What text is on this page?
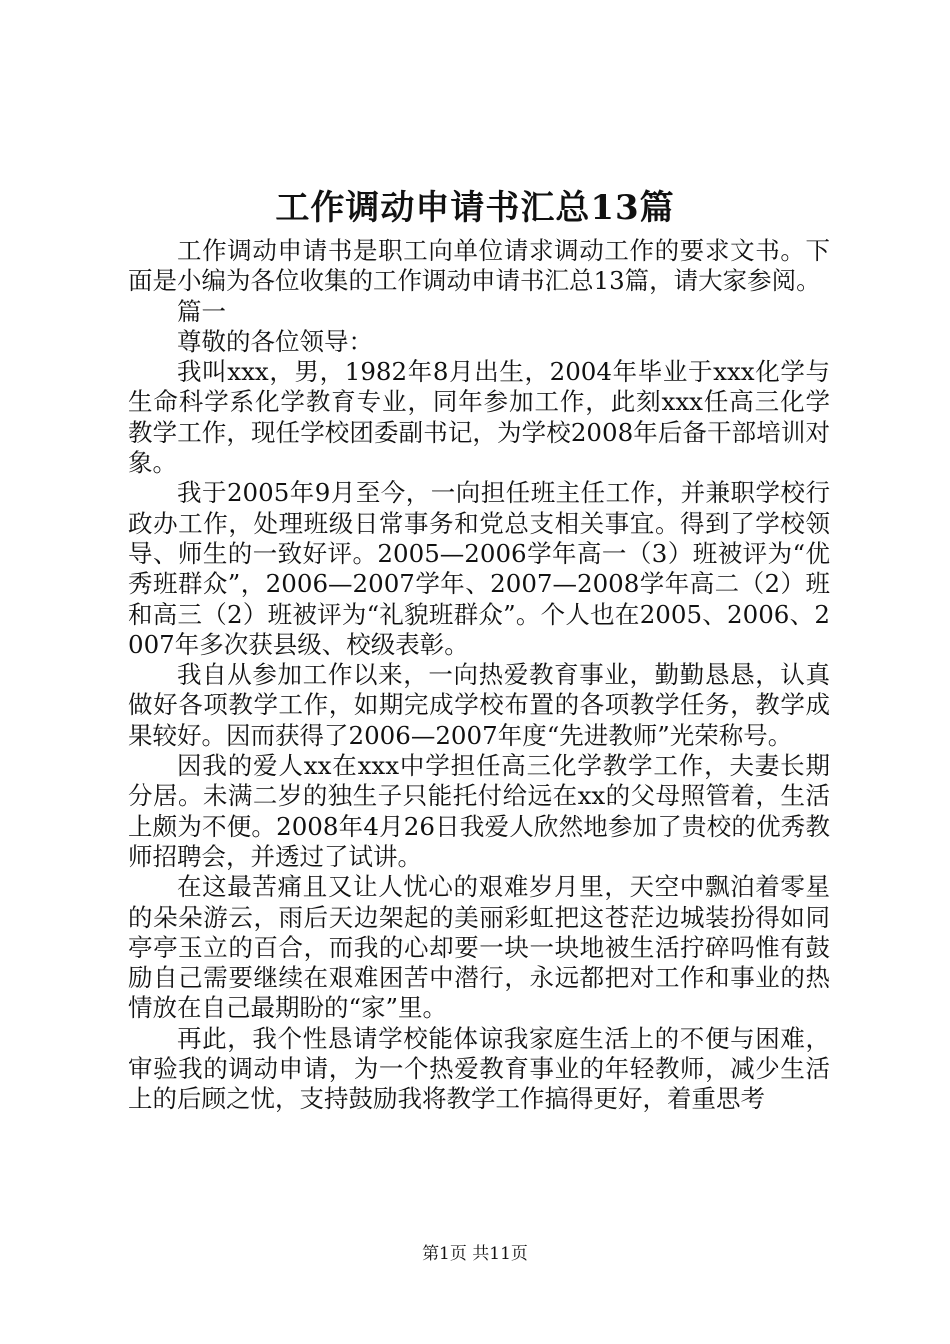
工作调动申请书汇总13篇

工作调动申请书是职工向单位请求调动工作的要求文书。下面是小编为各位收集的工作调动申请书汇总13篇，请大家参阅。

篇一

尊敬的各位领导：

我叫xxx，男，1982年8月出生，2004年毕业于xxx化学与生命科学系化学教育专业，同年参加工作，此刻xxx任高三化学教学工作，现任学校团委副书记，为学校2008年后备干部培训对象。

我于2005年9月至今，一向担任班主任工作，并兼职学校行政办工作，处理班级日常事务和党总支相关事宜。得到了学校领导、师生的一致好评。2005—2006学年高一（3）班被评为“优秀班群众”，2006—2007学年、2007—2008学年高二（2）班和高三（2）班被评为“礼貌班群众”。个人也在2005、2006、2007年多次获县级、校级表彰。

我自从参加工作以来，一向热爱教育事业，勤勤恳恳，认真做好各项教学工作，如期完成学校布置的各项教学任务，教学成果较好。因而获得了2006—2007年度“先进教师”光荣称号。

因我的爱人xx在xxx中学担任高三化学教学工作，夫妻长期分居。未满二岁的独生子只能托付给远在xx的父母照管着，生活上颇为不便。2008年4月26日我爱人欣然地参加了贵校的优秀教师招聘会，并透过了试讲。

在这最苦痛且又让人忧心的艰难岁月里，天空中飘泊着零星的朵朵游云，雨后天边架起的美丽彩虹把这苍茫边城装扮得如同亭亭玉立的百合，而我的心却要一块一块地被生活拧碎吗惟有鼓励自己需要继续在艰难困苦中潜行，永远都把对工作和事业的热情放在自己最期盼的“家”里。

再此，我个性恳请学校能体谅我家庭生活上的不便与困难，审验我的调动申请，为一个热爱教育事业的年轻教师，减少生活上的后顾之忧，支持鼓励我将教学工作搞得更好，着重思考

第1页 共11页
